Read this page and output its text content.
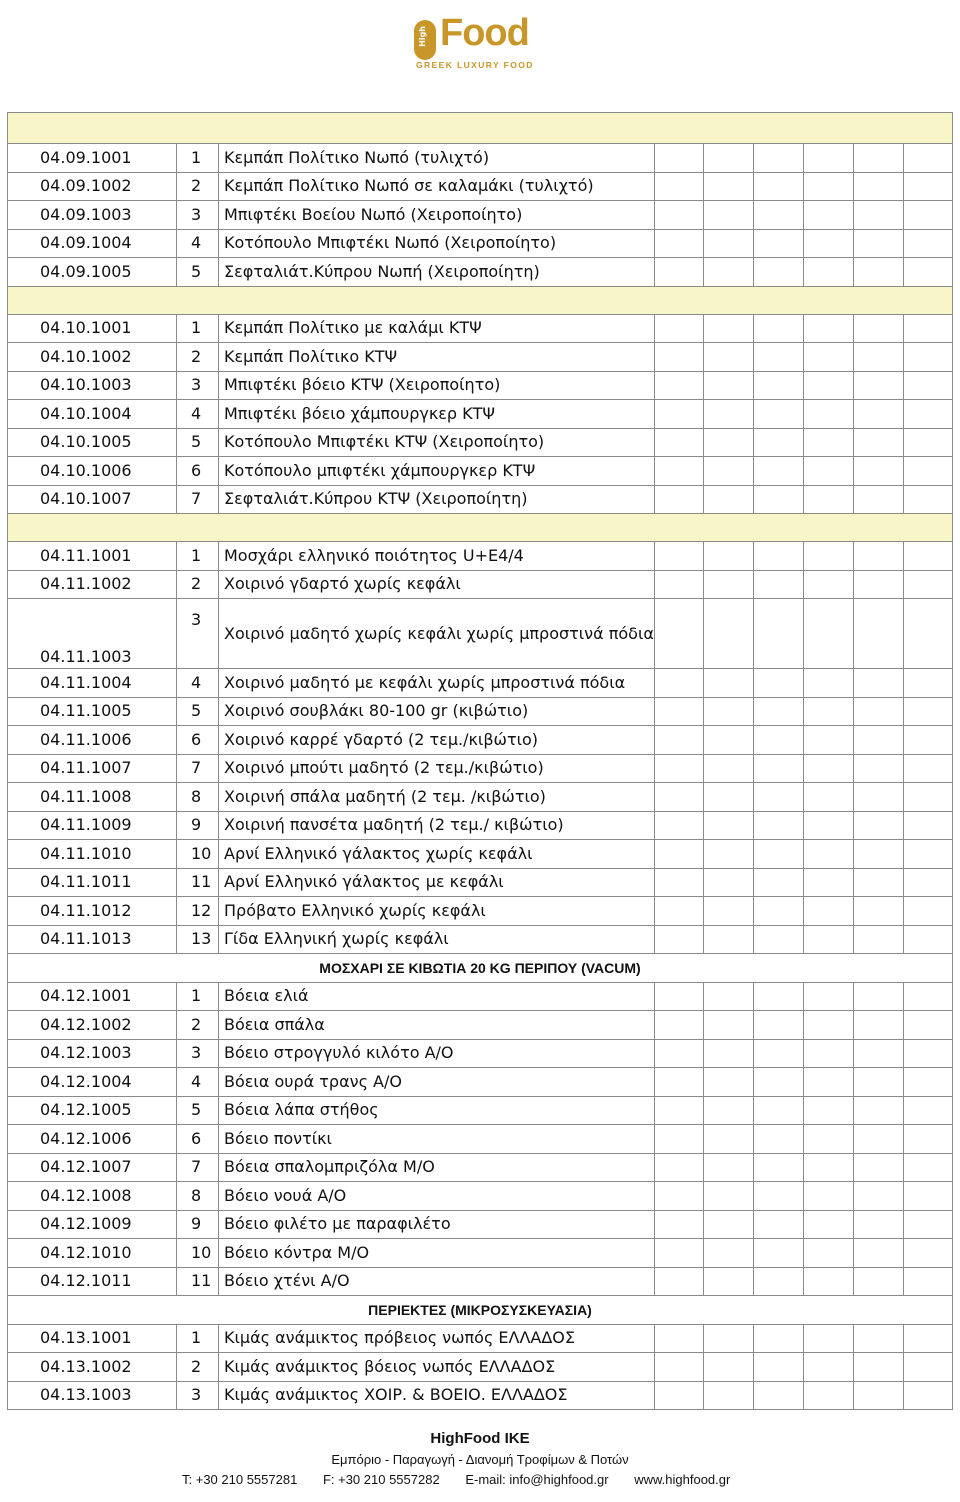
High Food
GREEK LUXURY FOOD

04.09.1001	1	Κεμπάπ Πολίτικο Νωπό (τυλιχτό)						
04.09.1002	2	Κεμπάπ Πολίτικο Νωπό σε καλαμάκι (τυλιχτό)						
04.09.1003	3	Μπιφτέκι Βοείου Νωπό (Χειροποίητο)						
04.09.1004	4	Κοτόπουλο Μπιφτέκι Νωπό (Χειροποίητο)						
04.09.1005	5	Σεφταλιάτ.Κύπρου Νωπή (Χειροποίητη)						

04.10.1001	1	Κεμπάπ Πολίτικο με καλάμι ΚΤΨ						
04.10.1002	2	Κεμπάπ Πολίτικο ΚΤΨ						
04.10.1003	3	Μπιφτέκι βόειο ΚΤΨ (Χειροποίητο)						
04.10.1004	4	Μπιφτέκι βόειο χάμπουργκερ ΚΤΨ						
04.10.1005	5	Κοτόπουλο Μπιφτέκι ΚΤΨ (Χειροποίητο)						
04.10.1006	6	Κοτόπουλο μπιφτέκι χάμπουργκερ ΚΤΨ						
04.10.1007	7	Σεφταλιάτ.Κύπρου ΚΤΨ (Χειροποίητη)						

04.11.1001	1	Μοσχάρι ελληνικό ποιότητος U+E4/4						
04.11.1002	2	Χοιρινό γδαρτό χωρίς κεφάλι						
04.11.1003	3	Χοιρινό μαδητό χωρίς κεφάλι χωρίς μπροστινά πόδια						
04.11.1004	4	Χοιρινό μαδητό με κεφάλι χωρίς μπροστινά πόδια						
04.11.1005	5	Χοιρινό σουβλάκι 80-100 gr (κιβώτιο)						
04.11.1006	6	Χοιρινό καρρέ γδαρτό (2 τεμ./κιβώτιο)						
04.11.1007	7	Χοιρινό μπούτι μαδητό (2 τεμ./κιβώτιο)						
04.11.1008	8	Χοιρινή σπάλα μαδητή (2 τεμ. /κιβώτιο)						
04.11.1009	9	Χοιρινή πανσέτα μαδητή (2 τεμ./ κιβώτιο)						
04.11.1010	10	Αρνί Ελληνικό γάλακτος χωρίς κεφάλι						
04.11.1011	11	Αρνί Ελληνικό γάλακτος με κεφάλι						
04.11.1012	12	Πρόβατο Ελληνικό χωρίς κεφάλι						
04.11.1013	13	Γίδα Ελληνική χωρίς κεφάλι						
ΜΟΣΧΑΡΙ ΣΕ ΚΙΒΩΤΙΑ 20 KG ΠΕΡΙΠΟΥ (VACUM)								
04.12.1001	1	Βόεια ελιά						
04.12.1002	2	Βόεια σπάλα						
04.12.1003	3	Βόειο στρογγυλό κιλότο Α/Ο						
04.12.1004	4	Βόεια ουρά τρανς Α/Ο						
04.12.1005	5	Βόεια λάπα στήθος						
04.12.1006	6	Βόειο ποντίκι						
04.12.1007	7	Βόεια σπαλομπριζόλα Μ/Ο						
04.12.1008	8	Βόειο νουά Α/Ο						
04.12.1009	9	Βόειο φιλέτο με παραφιλέτο						
04.12.1010	10	Βόειο κόντρα Μ/Ο						
04.12.1011	11	Βόειο χτένι Α/Ο						
ΠΕΡΙΕΚΤΕΣ (ΜΙΚΡΟΣΥΣΚΕΥΑΣΙΑ)								
04.13.1001	1	Κιμάς ανάμικτος πρόβειος νωπός ΕΛΛΑΔΟΣ						
04.13.1002	2	Κιμάς ανάμικτος βόειος νωπός ΕΛΛΑΔΟΣ						
04.13.1003	3	Κιμάς ανάμικτος ΧΟΙΡ. & ΒΟΕΙΟ. ΕΛΛΑΔΟΣ						
HighFood IKE
Εμπόριο - Παραγωγή - Διανομή Τροφίμων & Ποτών
T: +30 210 5557281 F: +30 210 5557282 E-mail: info@highfood.gr www.highfood.gr
